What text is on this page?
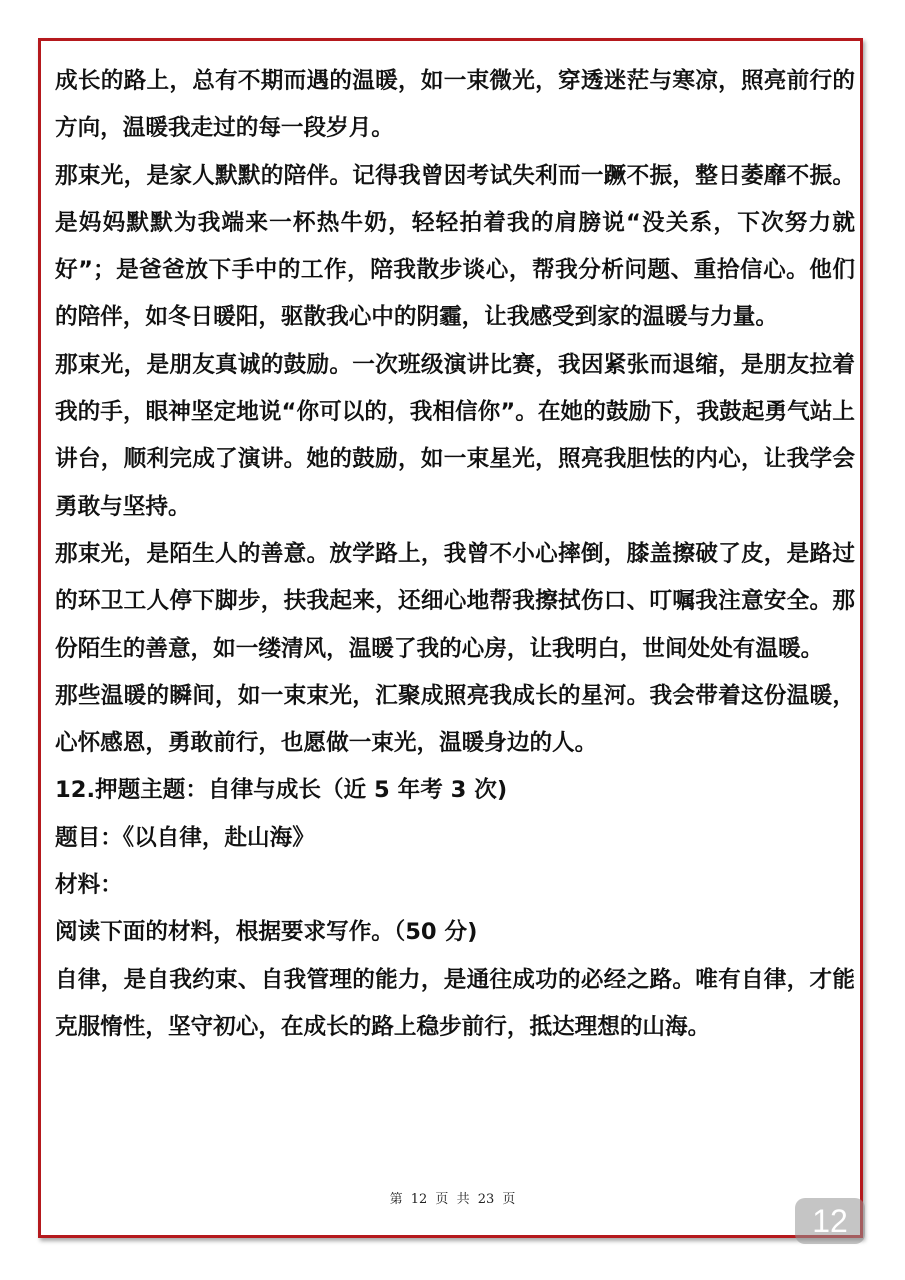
成长的路上，总有不期而遇的温暖，如一束微光，穿透迷茫与寒凉，照亮前行的方向，温暖我走过的每一段岁月。

那束光，是家人默默的陪伴。记得我曾因考试失利而一蹶不振，整日萎靡不振。是妈妈默默为我端来一杯热牛奶，轻轻拍着我的肩膀说“没关系，下次努力就好”；是爸爸放下手中的工作，陪我散步谈心，帮我分析问题、重拾信心。他们的陪伴，如冬日暖阳，驱散我心中的阴霾，让我感受到家的温暖与力量。

那束光，是朋友真诚的鼓励。一次班级演讲比赛，我因紧张而退缩，是朋友拉着我的手，眼神坚定地说“你可以的，我相信你”。在她的鼓励下，我鼓起勇气站上讲台，顺利完成了演讲。她的鼓励，如一束星光，照亮我胆怯的内心，让我学会勇敢与坚持。

那束光，是陌生人的善意。放学路上，我曾不小心摔倒，膝盖擦破了皮，是路过的环卫工人停下脚步，扶我起来，还细心地帮我擦拭伤口、叮嘱我注意安全。那份陌生的善意，如一缕清风，温暖了我的心房，让我明白，世间处处有温暖。

那些温暖的瞬间，如一束束光，汇聚成照亮我成长的星河。我会带着这份温暖，心怀感恩，勇敢前行，也愿做一束光，温暖身边的人。

12.押题主题：自律与成长（近 5 年考 3 次)

题目：《以自律，赴山海》

材料：

阅读下面的材料，根据要求写作。（50 分)

自律，是自我约束、自我管理的能力，是通往成功的必经之路。唯有自律，才能克服惰性，坚守初心，在成长的路上稳步前行，抵达理想的山海。

第 12 页 共 23 页
12
